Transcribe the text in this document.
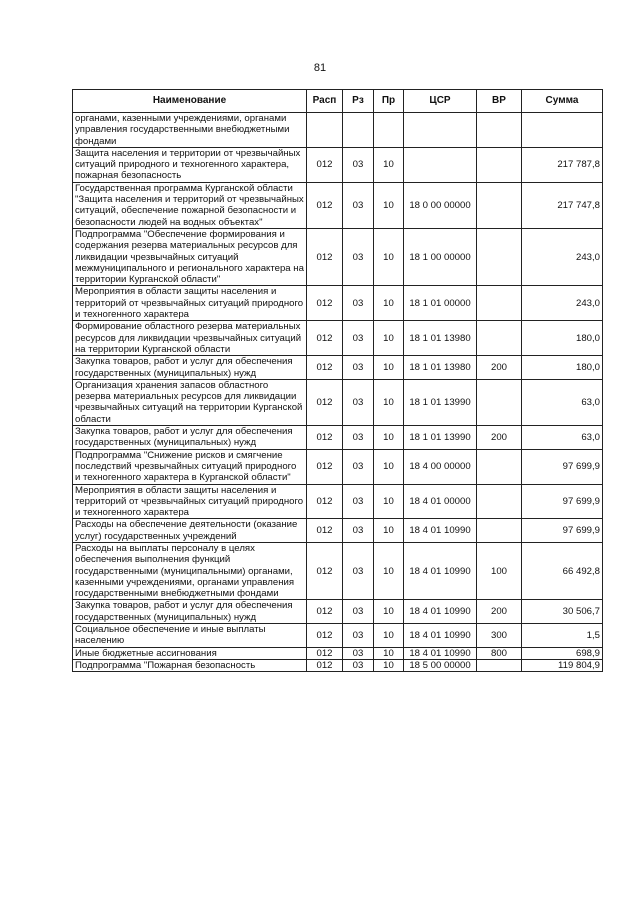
81
Наименование	Расп	Рз	Пр	ЦСР	ВР	Сумма
органами, казенными учреждениями, органами управления государственными внебюджетными фондами						
Защита населения и территории от чрезвычайных ситуаций природного и техногенного характера, пожарная безопасность	012	03	10			217 787,8
Государственная программа Курганской области "Защита населения и территорий от чрезвычайных ситуаций, обеспечение пожарной безопасности и безопасности людей на водных объектах"	012	03	10	18 0 00 00000		217 747,8
Подпрограмма "Обеспечение формирования и содержания резерва материальных ресурсов для ликвидации чрезвычайных ситуаций межмуниципального и регионального характера на территории Курганской области"	012	03	10	18 1 00 00000		243,0
Мероприятия в области защиты населения и территорий от чрезвычайных ситуаций природного и техногенного характера	012	03	10	18 1 01 00000		243,0
Формирование областного резерва материальных ресурсов для ликвидации чрезвычайных ситуаций на территории Курганской области	012	03	10	18 1 01 13980		180,0
Закупка товаров, работ и услуг для обеспечения государственных (муниципальных) нужд	012	03	10	18 1 01 13980	200	180,0
Организация хранения запасов областного резерва материальных ресурсов для ликвидации чрезвычайных ситуаций на территории Курганской области	012	03	10	18 1 01 13990		63,0
Закупка товаров, работ и услуг для обеспечения государственных (муниципальных) нужд	012	03	10	18 1 01 13990	200	63,0
Подпрограмма "Снижение рисков и смягчение последствий чрезвычайных ситуаций природного и техногенного характера в Курганской области"	012	03	10	18 4 00 00000		97 699,9
Мероприятия в области защиты населения и территорий от чрезвычайных ситуаций природного и техногенного характера	012	03	10	18 4 01 00000		97 699,9
Расходы на обеспечение деятельности (оказание услуг) государственных учреждений	012	03	10	18 4 01 10990		97 699,9
Расходы на выплаты персоналу в целях обеспечения выполнения функций государственными (муниципальными) органами, казенными учреждениями, органами управления государственными внебюджетными фондами	012	03	10	18 4 01 10990	100	66 492,8
Закупка товаров, работ и услуг для обеспечения государственных (муниципальных) нужд	012	03	10	18 4 01 10990	200	30 506,7
Социальное обеспечение и иные выплаты населению	012	03	10	18 4 01 10990	300	1,5
Иные бюджетные ассигнования	012	03	10	18 4 01 10990	800	698,9
Подпрограмма "Пожарная безопасность	012	03	10	18 5 00 00000		119 804,9
